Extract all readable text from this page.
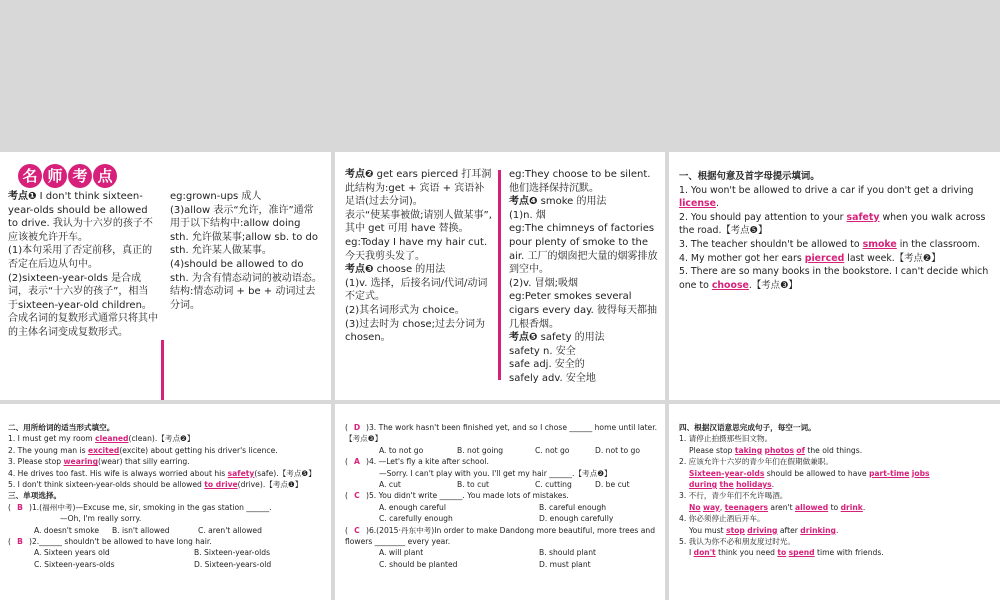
名 师 考 点

考点❶ I don't think sixteen-year-olds should be allowed to drive. 我认为十六岁的孩子不应该被允许开车。

(1)本句采用了否定前移，真正的否定在后边从句中。

(2)sixteen-year-olds 是合成词，表示“十六岁的孩子”，相当于sixteen-year-old children。

合成名词的复数形式通常只将其中的主体名词变成复数形式。

eg:grown-ups 成人

(3)allow 表示“允许，准许”通常用于以下结构中:allow doing sth. 允许做某事;allow sb. to do sth. 允许某人做某事。

(4)should be allowed to do sth. 为含有情态动词的被动语态。结构:情态动词 + be + 动词过去分词。

考点❷ get ears pierced 打耳洞

此结构为:get + 宾语 + 宾语补足语(过去分词)。

表示“使某事被做;请别人做某事”,其中 get 可用 have 替换。

eg:Today I have my hair cut. 今天我剪头发了。

考点❸ choose 的用法

(1)v. 选择，后接名词/代词/动词不定式。

(2)其名词形式为 choice。

(3)过去时为 chose;过去分词为 chosen。

eg:They choose to be silent. 他们选择保持沉默。

考点❹ smoke 的用法

(1)n. 烟

eg:The chimneys of factories pour plenty of smoke to the air. 工厂的烟囱把大量的烟雾排放到空中。

(2)v. 冒烟;吸烟

eg:Peter smokes several cigars every day. 彼得每天都抽几根香烟。

考点❺ safety 的用法

safety n. 安全

safe adj. 安全的

safely adv. 安全地

一、根据句意及首字母提示填词。

1. You won't be allowed to drive a car if you don't get a driving license.

2. You should pay attention to your safety when you walk across the road.【考点❺】

3. The teacher shouldn't be allowed to smoke in the classroom.

4. My mother got her ears pierced last week.【考点❷】

5. There are so many books in the bookstore. I can't decide which one to choose.【考点❸】

二、用所给词的适当形式填空。

1. I must get my room cleaned(clean).【考点❷】

2. The young man is excited(excite) about getting his driver's licence.

3. Please stop wearing(wear) that silly earring.

4. He drives too fast. His wife is always worried about his safety(safe).【考点❺】

5. I don't think sixteen-year-olds should be allowed to drive(drive).【考点❶】

三、单项选择。

( B )1.(福州中考)—Excuse me, sir, smoking in the gas station ______.

—Oh, I'm really sorry.

A. doesn't smoke B. isn't allowed	C. aren't allowed

( B )2.______ shouldn't be allowed to have long hair.

A. Sixteen years old	B. Sixteen-year-olds

C. Sixteen-years-olds	D. Sixteen-years-old

( D )3. The work hasn't been finished yet, and so I chose ______ home until later.【考点❸】

A. to not go	B. not going	C. not go	D. not to go

( A )4. —Let's fly a kite after school.

—Sorry. I can't play with you. I'll get my hair ______.【考点❷】

A. cut	B. to cut	C. cutting	D. be cut

( C )5. You didn't write ______. You made lots of mistakes.

A. enough careful	B. careful enough

C. carefully enough	D. enough carefully

( C )6.(2015·丹东中考)In order to make Dandong more beautiful, more trees and flowers ________ every year.

A. will plant	B. should plant

C. should be planted	D. must plant

四、根据汉语意思完成句子，每空一词。

1. 请停止拍摄那些旧文物。

Please stop taking photos of the old things.

2. 应该允许十六岁的青少年们在假期做兼职。

Sixteen-year-olds should be allowed to have part-time jobs

during the holidays.

3. 不行，青少年们不允许喝酒。

No way, teenagers aren't allowed to drink.

4. 你必须停止酒后开车。

You must stop driving after drinking.

5. 我认为你不必和朋友度过时光。

I don't think you need to spend time with friends.
